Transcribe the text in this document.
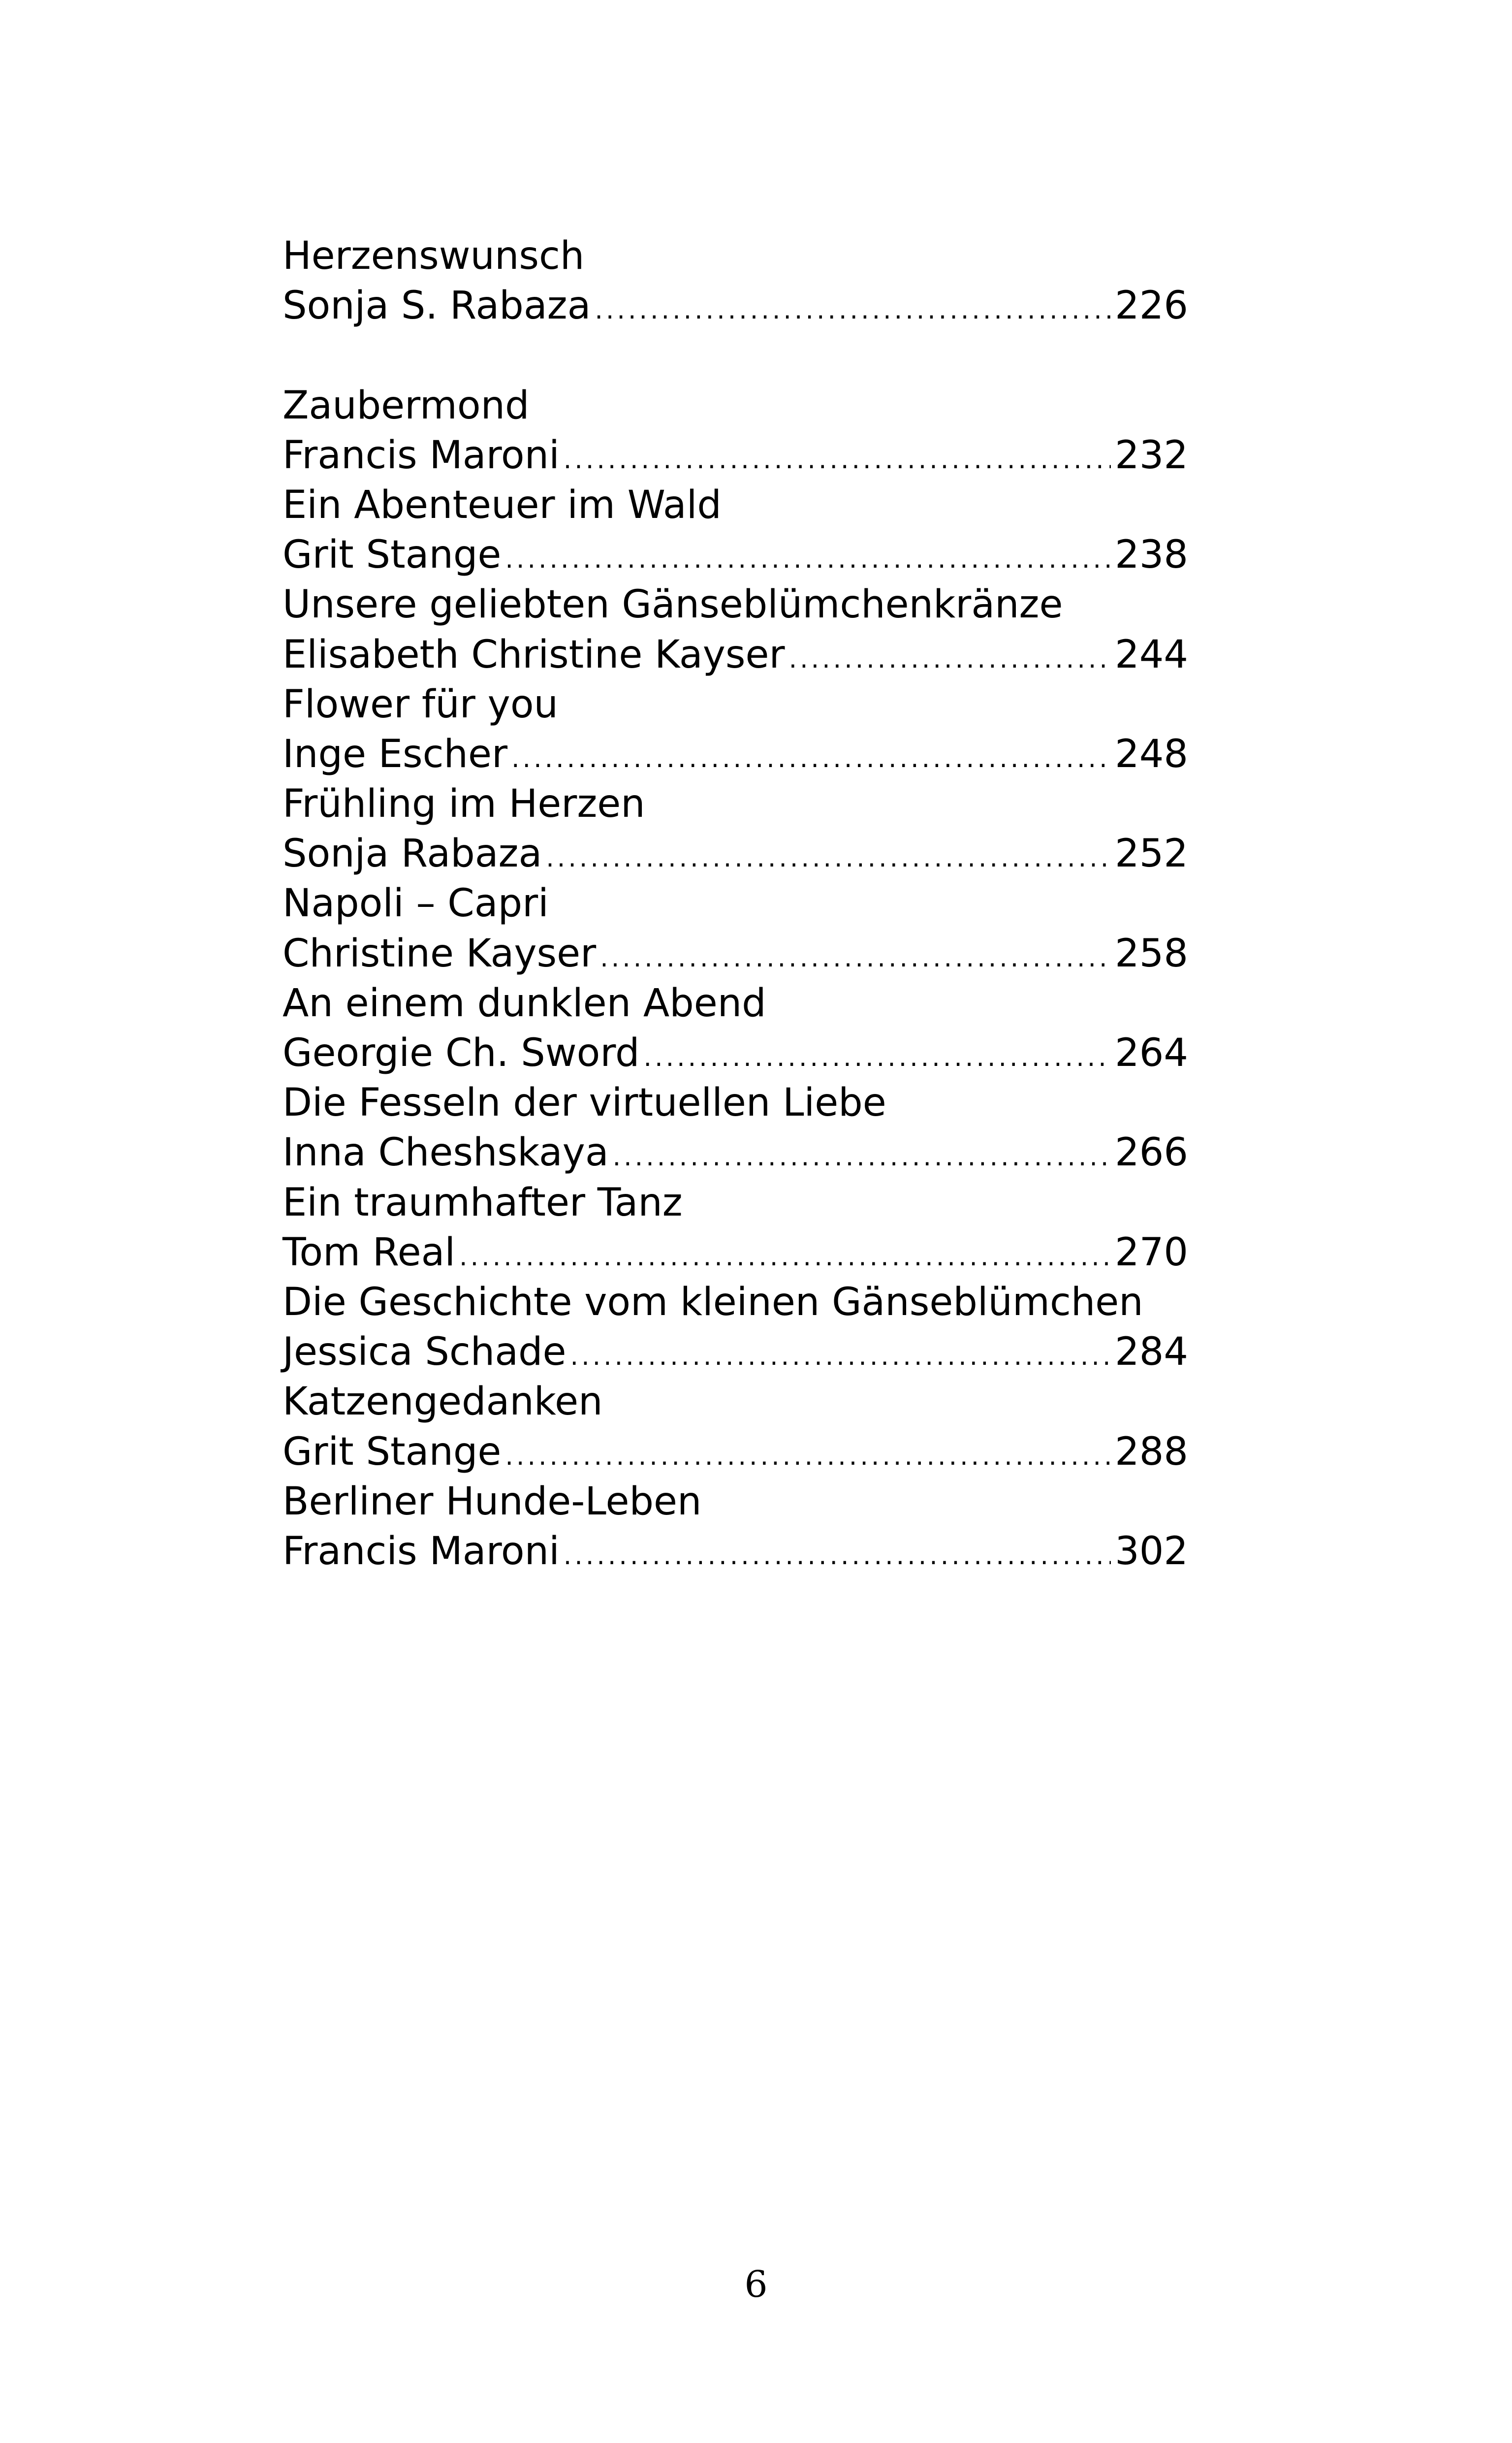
Herzenswunsch
Sonja S. Rabaza .....	226
Zaubermond
Francis Maroni .....	232
Ein Abenteuer im Wald
Grit Stange .....	238
Unsere geliebten Gänseblümchenkränze
Elisabeth Christine Kayser .....	244
Flower für you
Inge Escher .....	248
Frühling im Herzen
Sonja Rabaza .....	252
Napoli – Capri
Christine Kayser .....	258
An einem dunklen Abend
Georgie Ch. Sword .....	264
Die Fesseln der virtuellen Liebe
Inna Cheshskaya .....	266
Ein traumhafter Tanz
Tom Real .....	270
Die Geschichte vom kleinen Gänseblümchen
Jessica Schade .....	284
Katzengedanken
Grit Stange .....	288
Berliner Hunde-Leben
Francis Maroni .....	302
6
